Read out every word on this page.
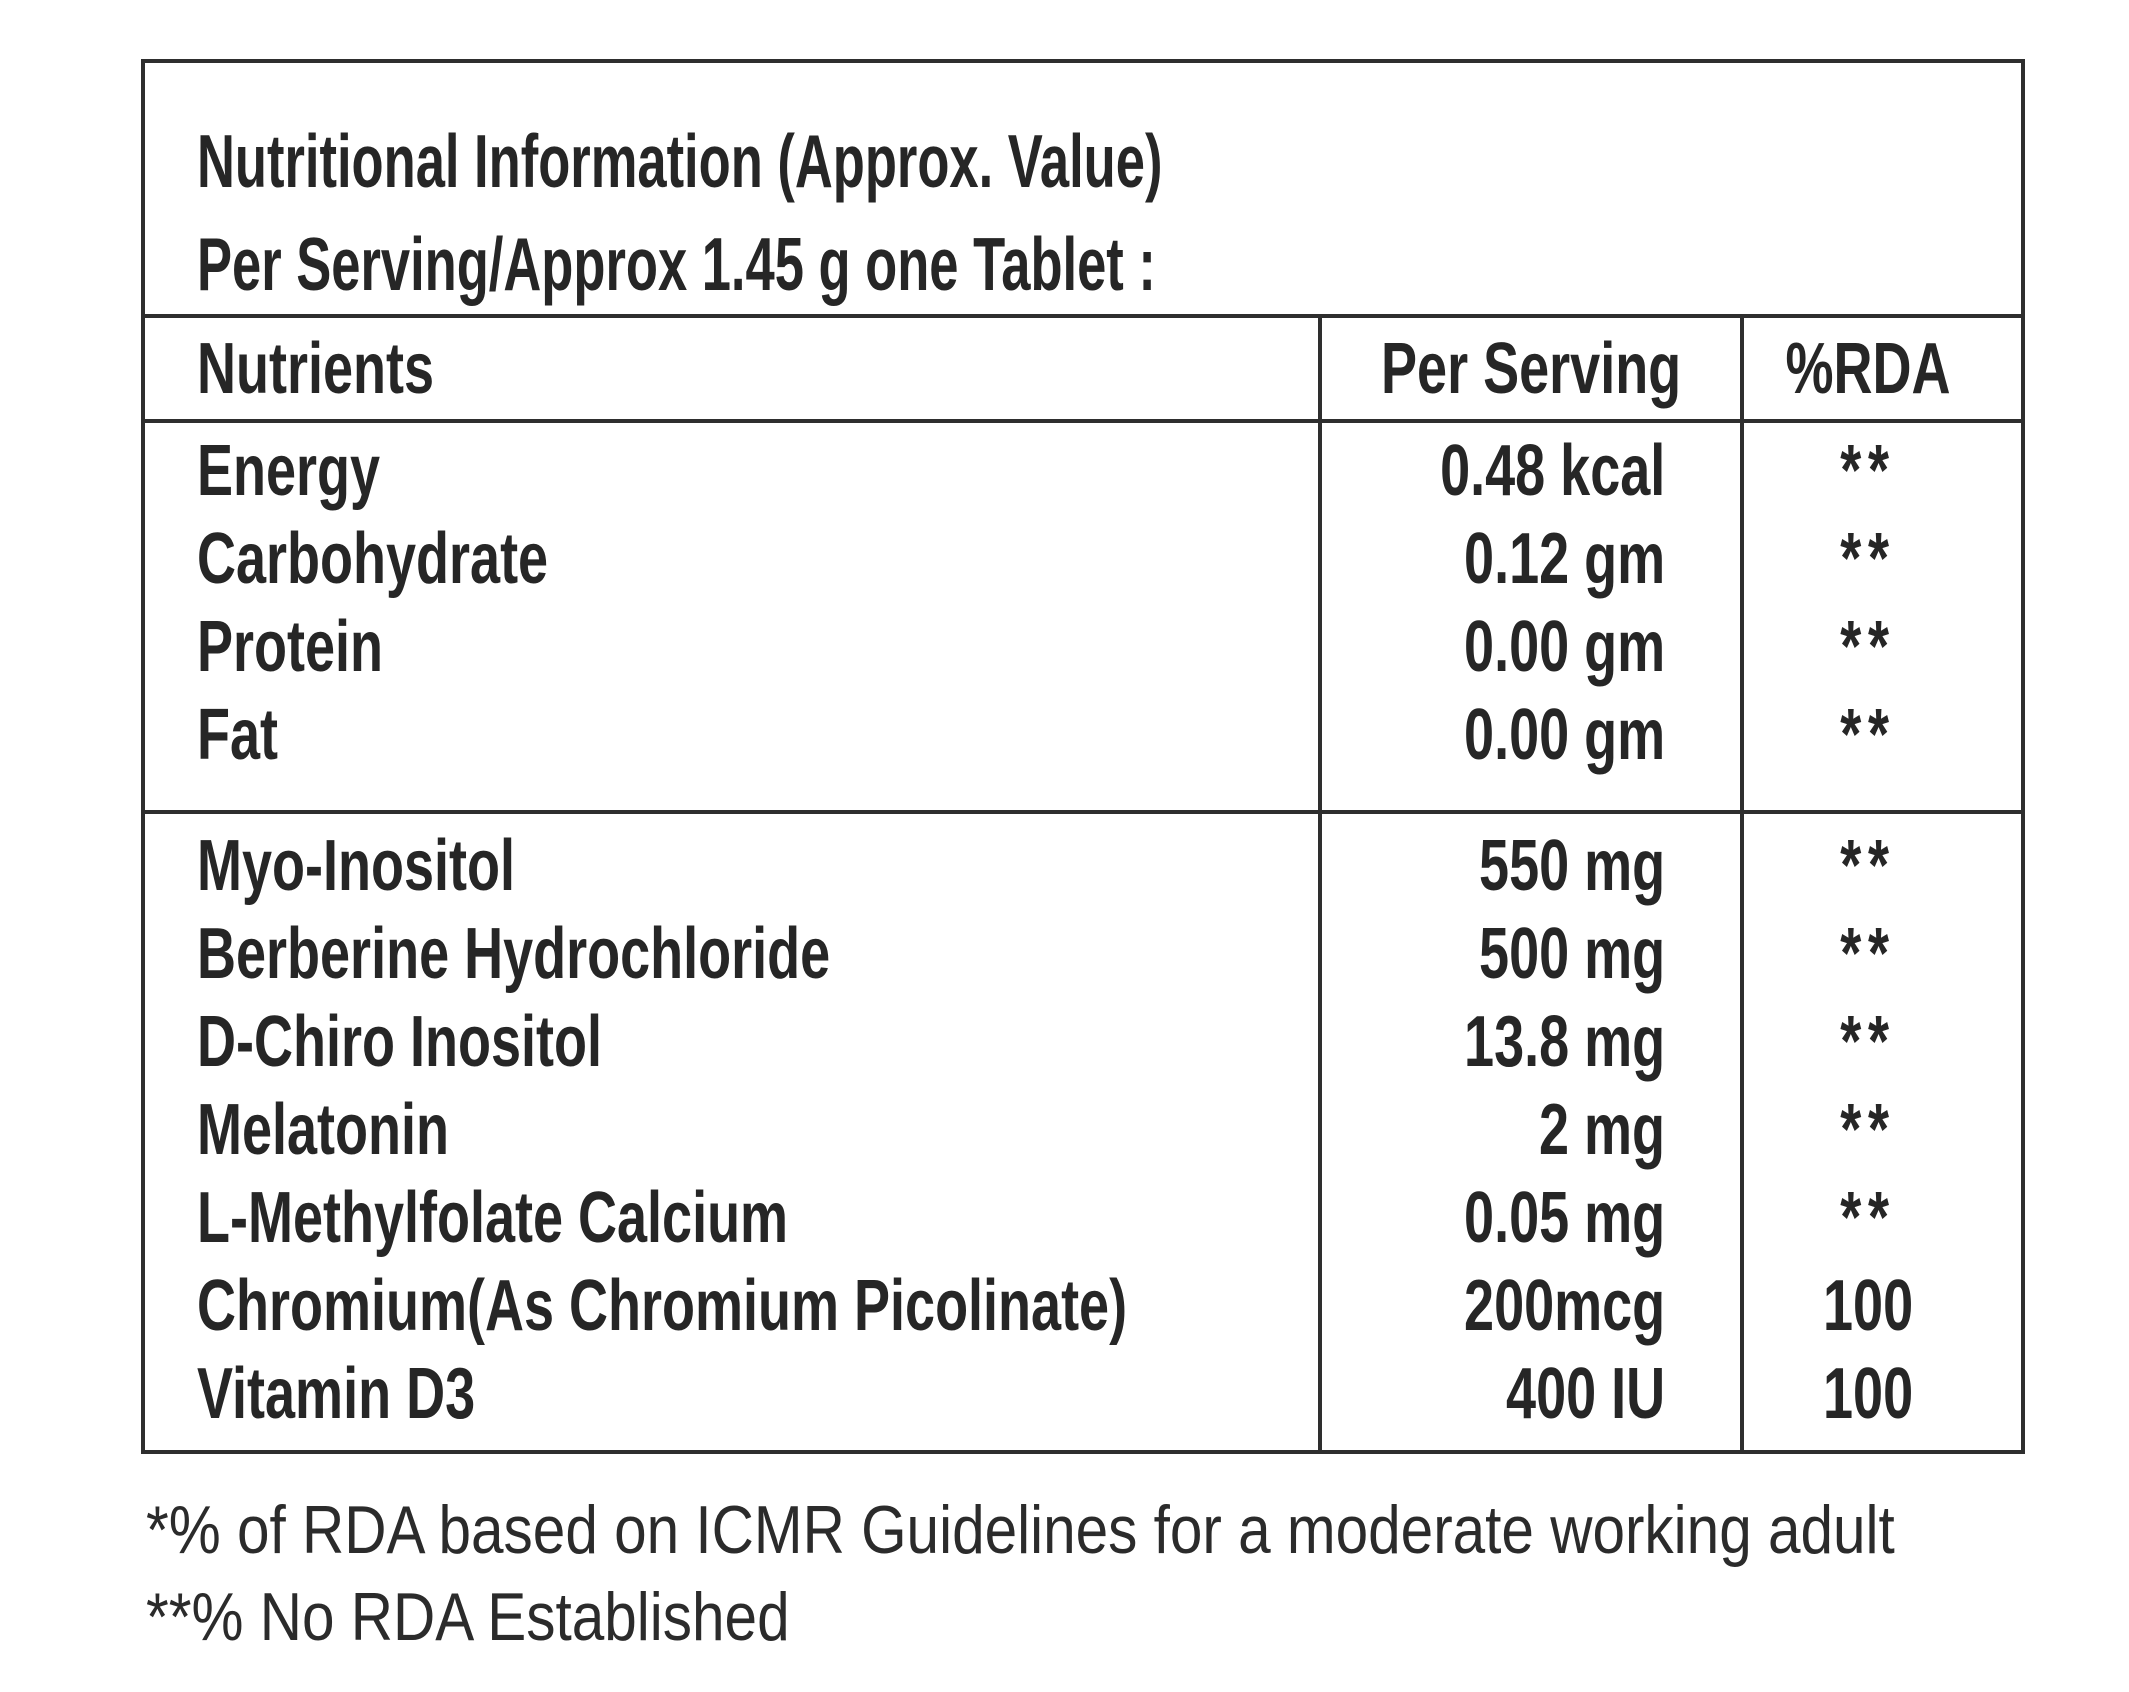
Nutritional Information (Approx. Value)
Per Serving/Approx 1.45 g one Tablet :
Nutrients	Per Serving	%RDA
Energy	0.48 kcal	**
Carbohydrate	0.12 gm	**
Protein	0.00 gm	**
Fat	0.00 gm	**
Myo-Inositol	550 mg	**
Berberine Hydrochloride	500 mg	**
D-Chiro Inositol	13.8 mg	**
Melatonin	2 mg	**
L-Methylfolate Calcium	0.05 mg	**
Chromium(As Chromium Picolinate)	200mcg	100
Vitamin D3	400 IU	100
*% of RDA based on ICMR Guidelines for a moderate working adult
**% No RDA Established
